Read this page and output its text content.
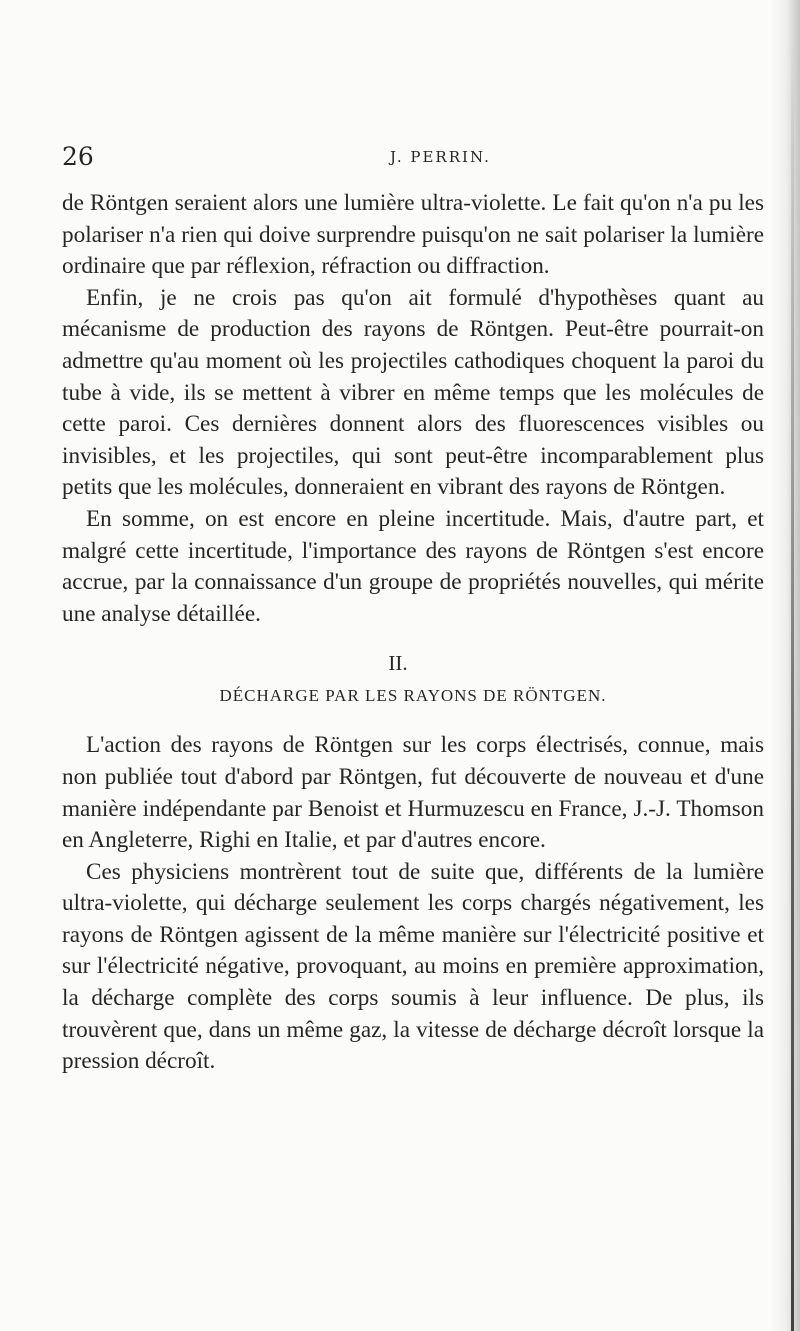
26	J. PERRIN.

de Röntgen seraient alors une lumière ultra-violette. Le fait qu'on n'a pu les polariser n'a rien qui doive surprendre puisqu'on ne sait polariser la lumière ordinaire que par réflexion, réfraction ou diffraction.

Enfin, je ne crois pas qu'on ait formulé d'hypothèses quant au mécanisme de production des rayons de Röntgen. Peut-être pourrait-on admettre qu'au moment où les projectiles cathodiques choquent la paroi du tube à vide, ils se mettent à vibrer en même temps que les molécules de cette paroi. Ces dernières donnent alors des fluorescences visibles ou invisibles, et les projectiles, qui sont peut-être incomparablement plus petits que les molécules, donneraient en vibrant des rayons de Röntgen.

En somme, on est encore en pleine incertitude. Mais, d'autre part, et malgré cette incertitude, l'importance des rayons de Röntgen s'est encore accrue, par la connaissance d'un groupe de propriétés nouvelles, qui mérite une analyse détaillée.

II.
DÉCHARGE PAR LES RAYONS DE RÖNTGEN.

L'action des rayons de Röntgen sur les corps électrisés, connue, mais non publiée tout d'abord par Röntgen, fut découverte de nouveau et d'une manière indépendante par Benoist et Hurmuzescu en France, J.-J. Thomson en Angleterre, Righi en Italie, et par d'autres encore.

Ces physiciens montrèrent tout de suite que, différents de la lumière ultra-violette, qui décharge seulement les corps chargés négativement, les rayons de Röntgen agissent de la même manière sur l'électricité positive et sur l'électricité négative, provoquant, au moins en première approximation, la décharge complète des corps soumis à leur influence. De plus, ils trouvèrent que, dans un même gaz, la vitesse de décharge décroît lorsque la pression décroît.
